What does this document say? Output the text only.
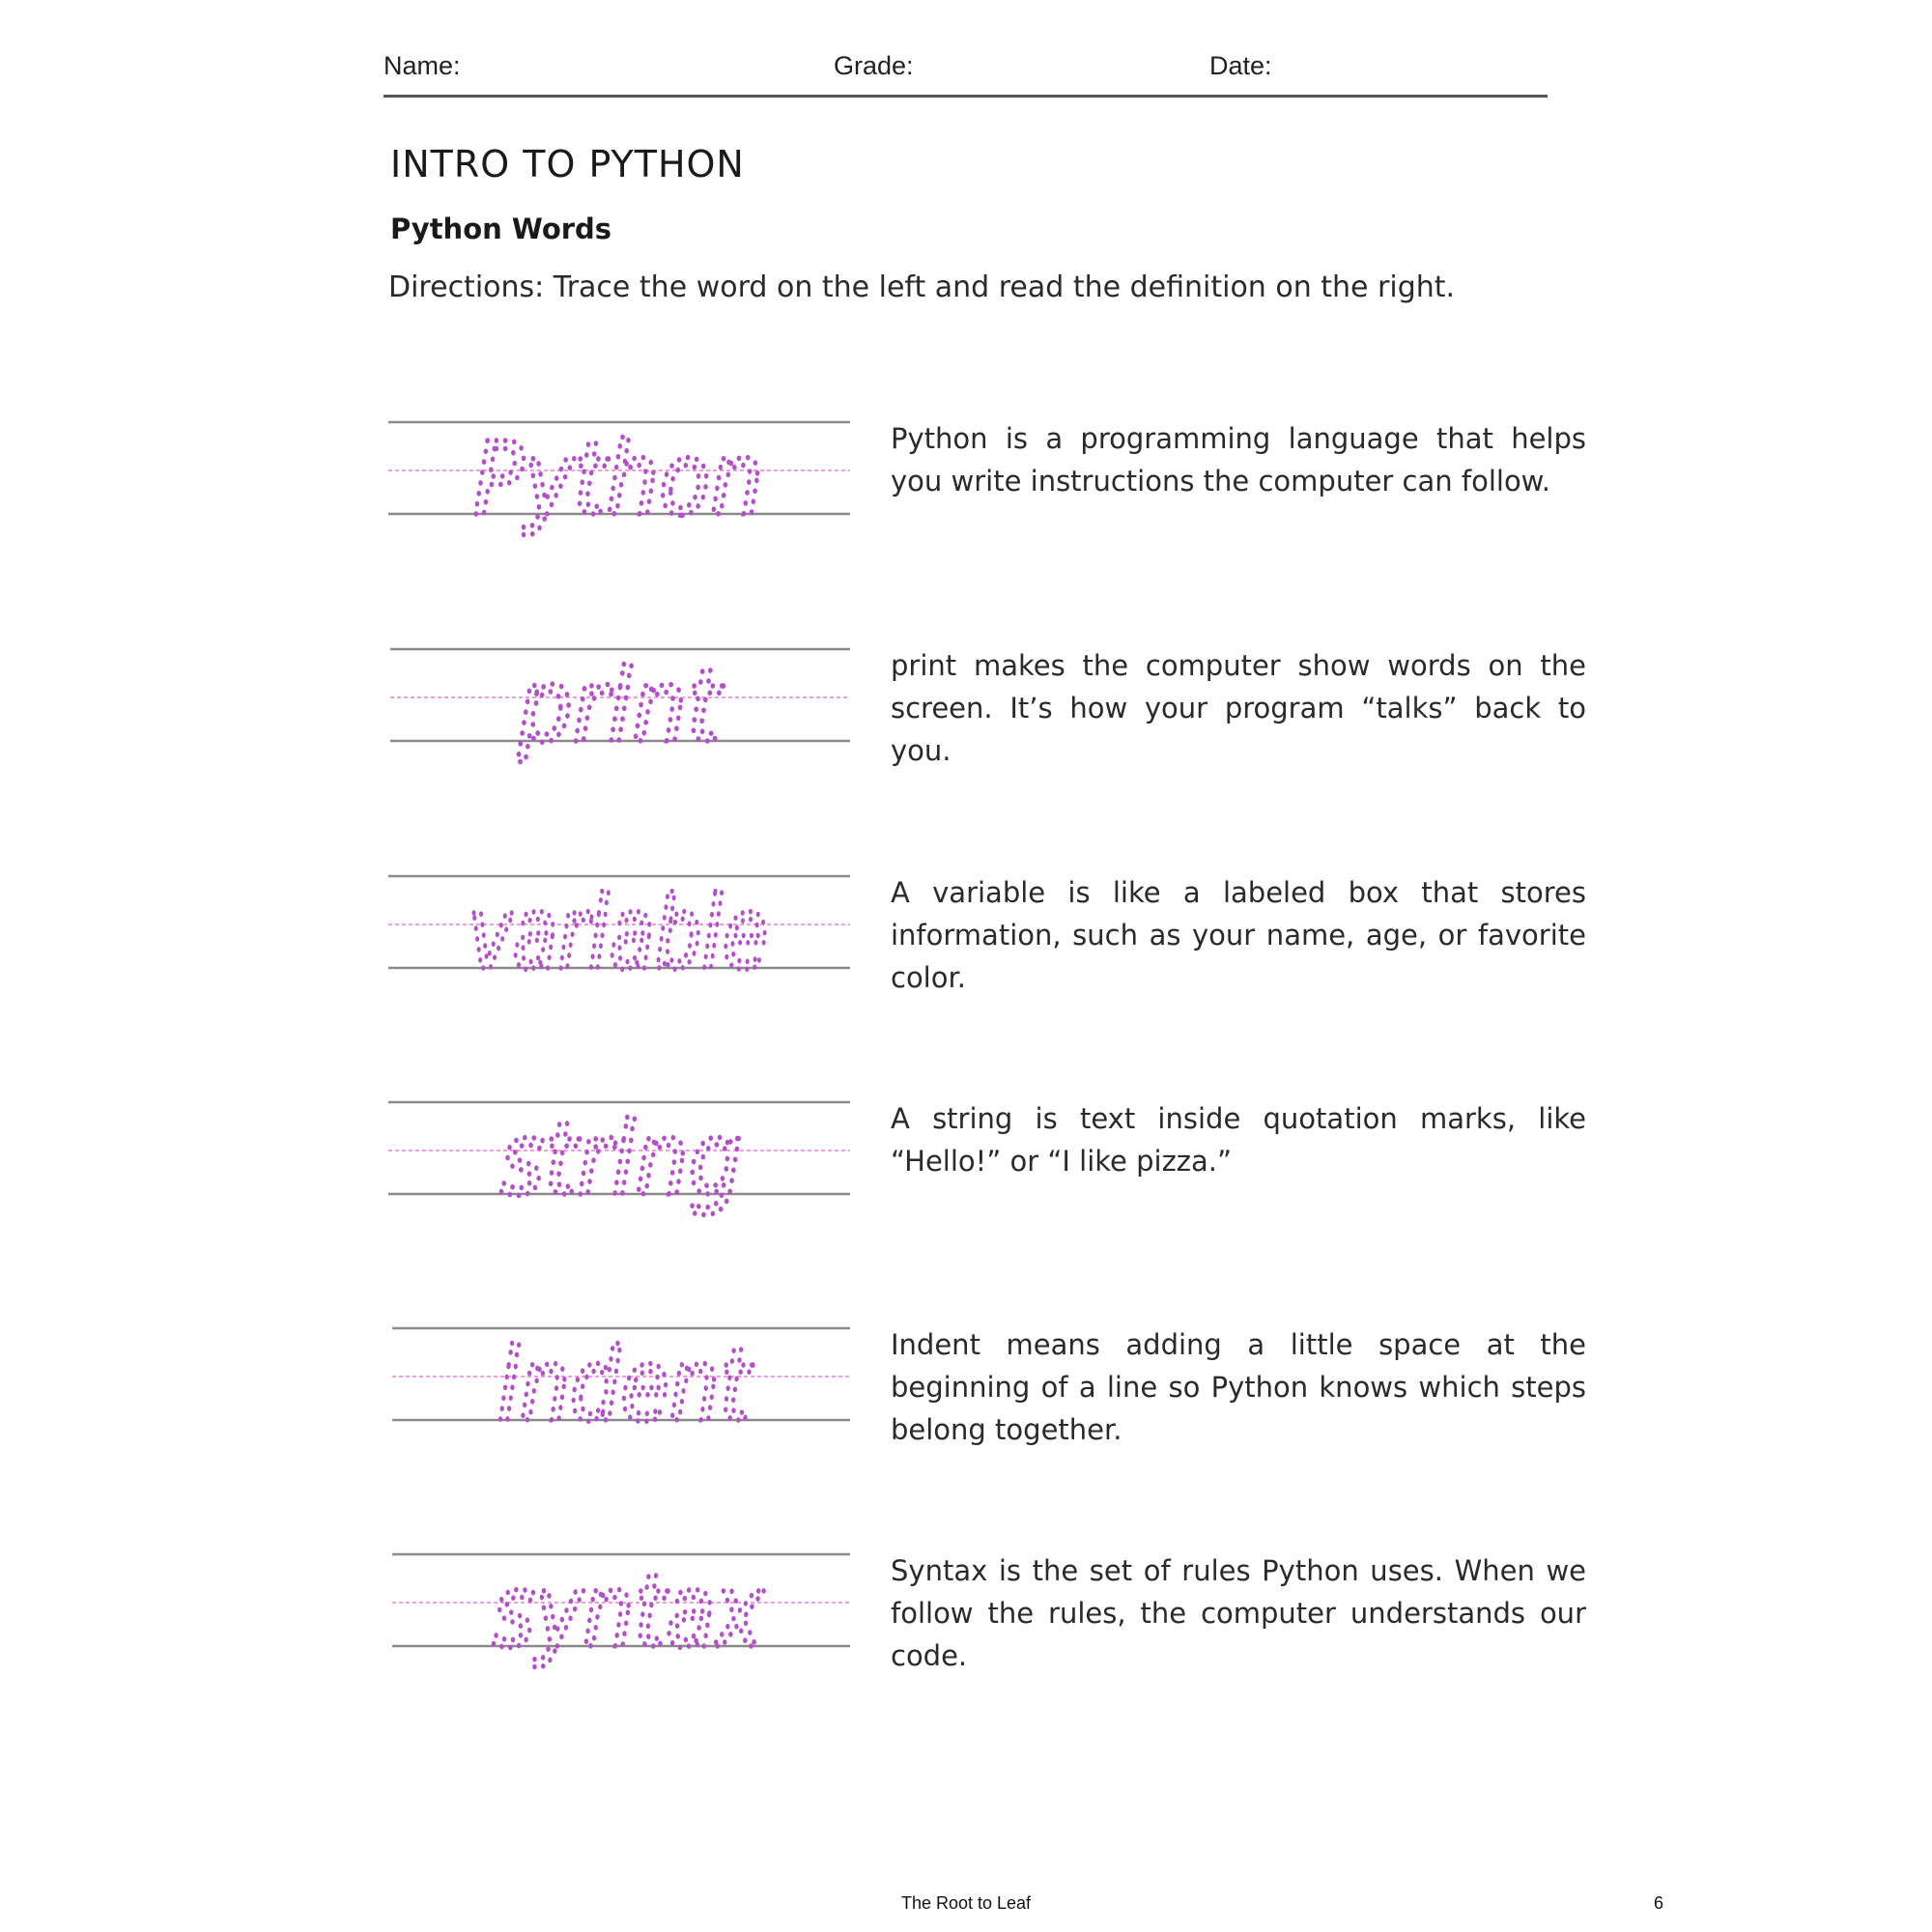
Name:	Grade:	Date:
INTRO TO PYTHON
Python Words

Directions: Trace the word on the left and read the definition on the right.

Python	Python is a programming language that helps you write instructions the computer can follow.

print	print makes the computer show words on the screen. It’s how your program “talks” back to you.

variable	A variable is like a labeled box that stores information, such as your name, age, or favorite color.

string	A string is text inside quotation marks, like “Hello!” or “I like pizza.”

indent	Indent means adding a little space at the beginning of a line so Python knows which steps belong together.

syntax	Syntax is the set of rules Python uses. When we follow the rules, the computer understands our code.

The Root to Leaf	6
